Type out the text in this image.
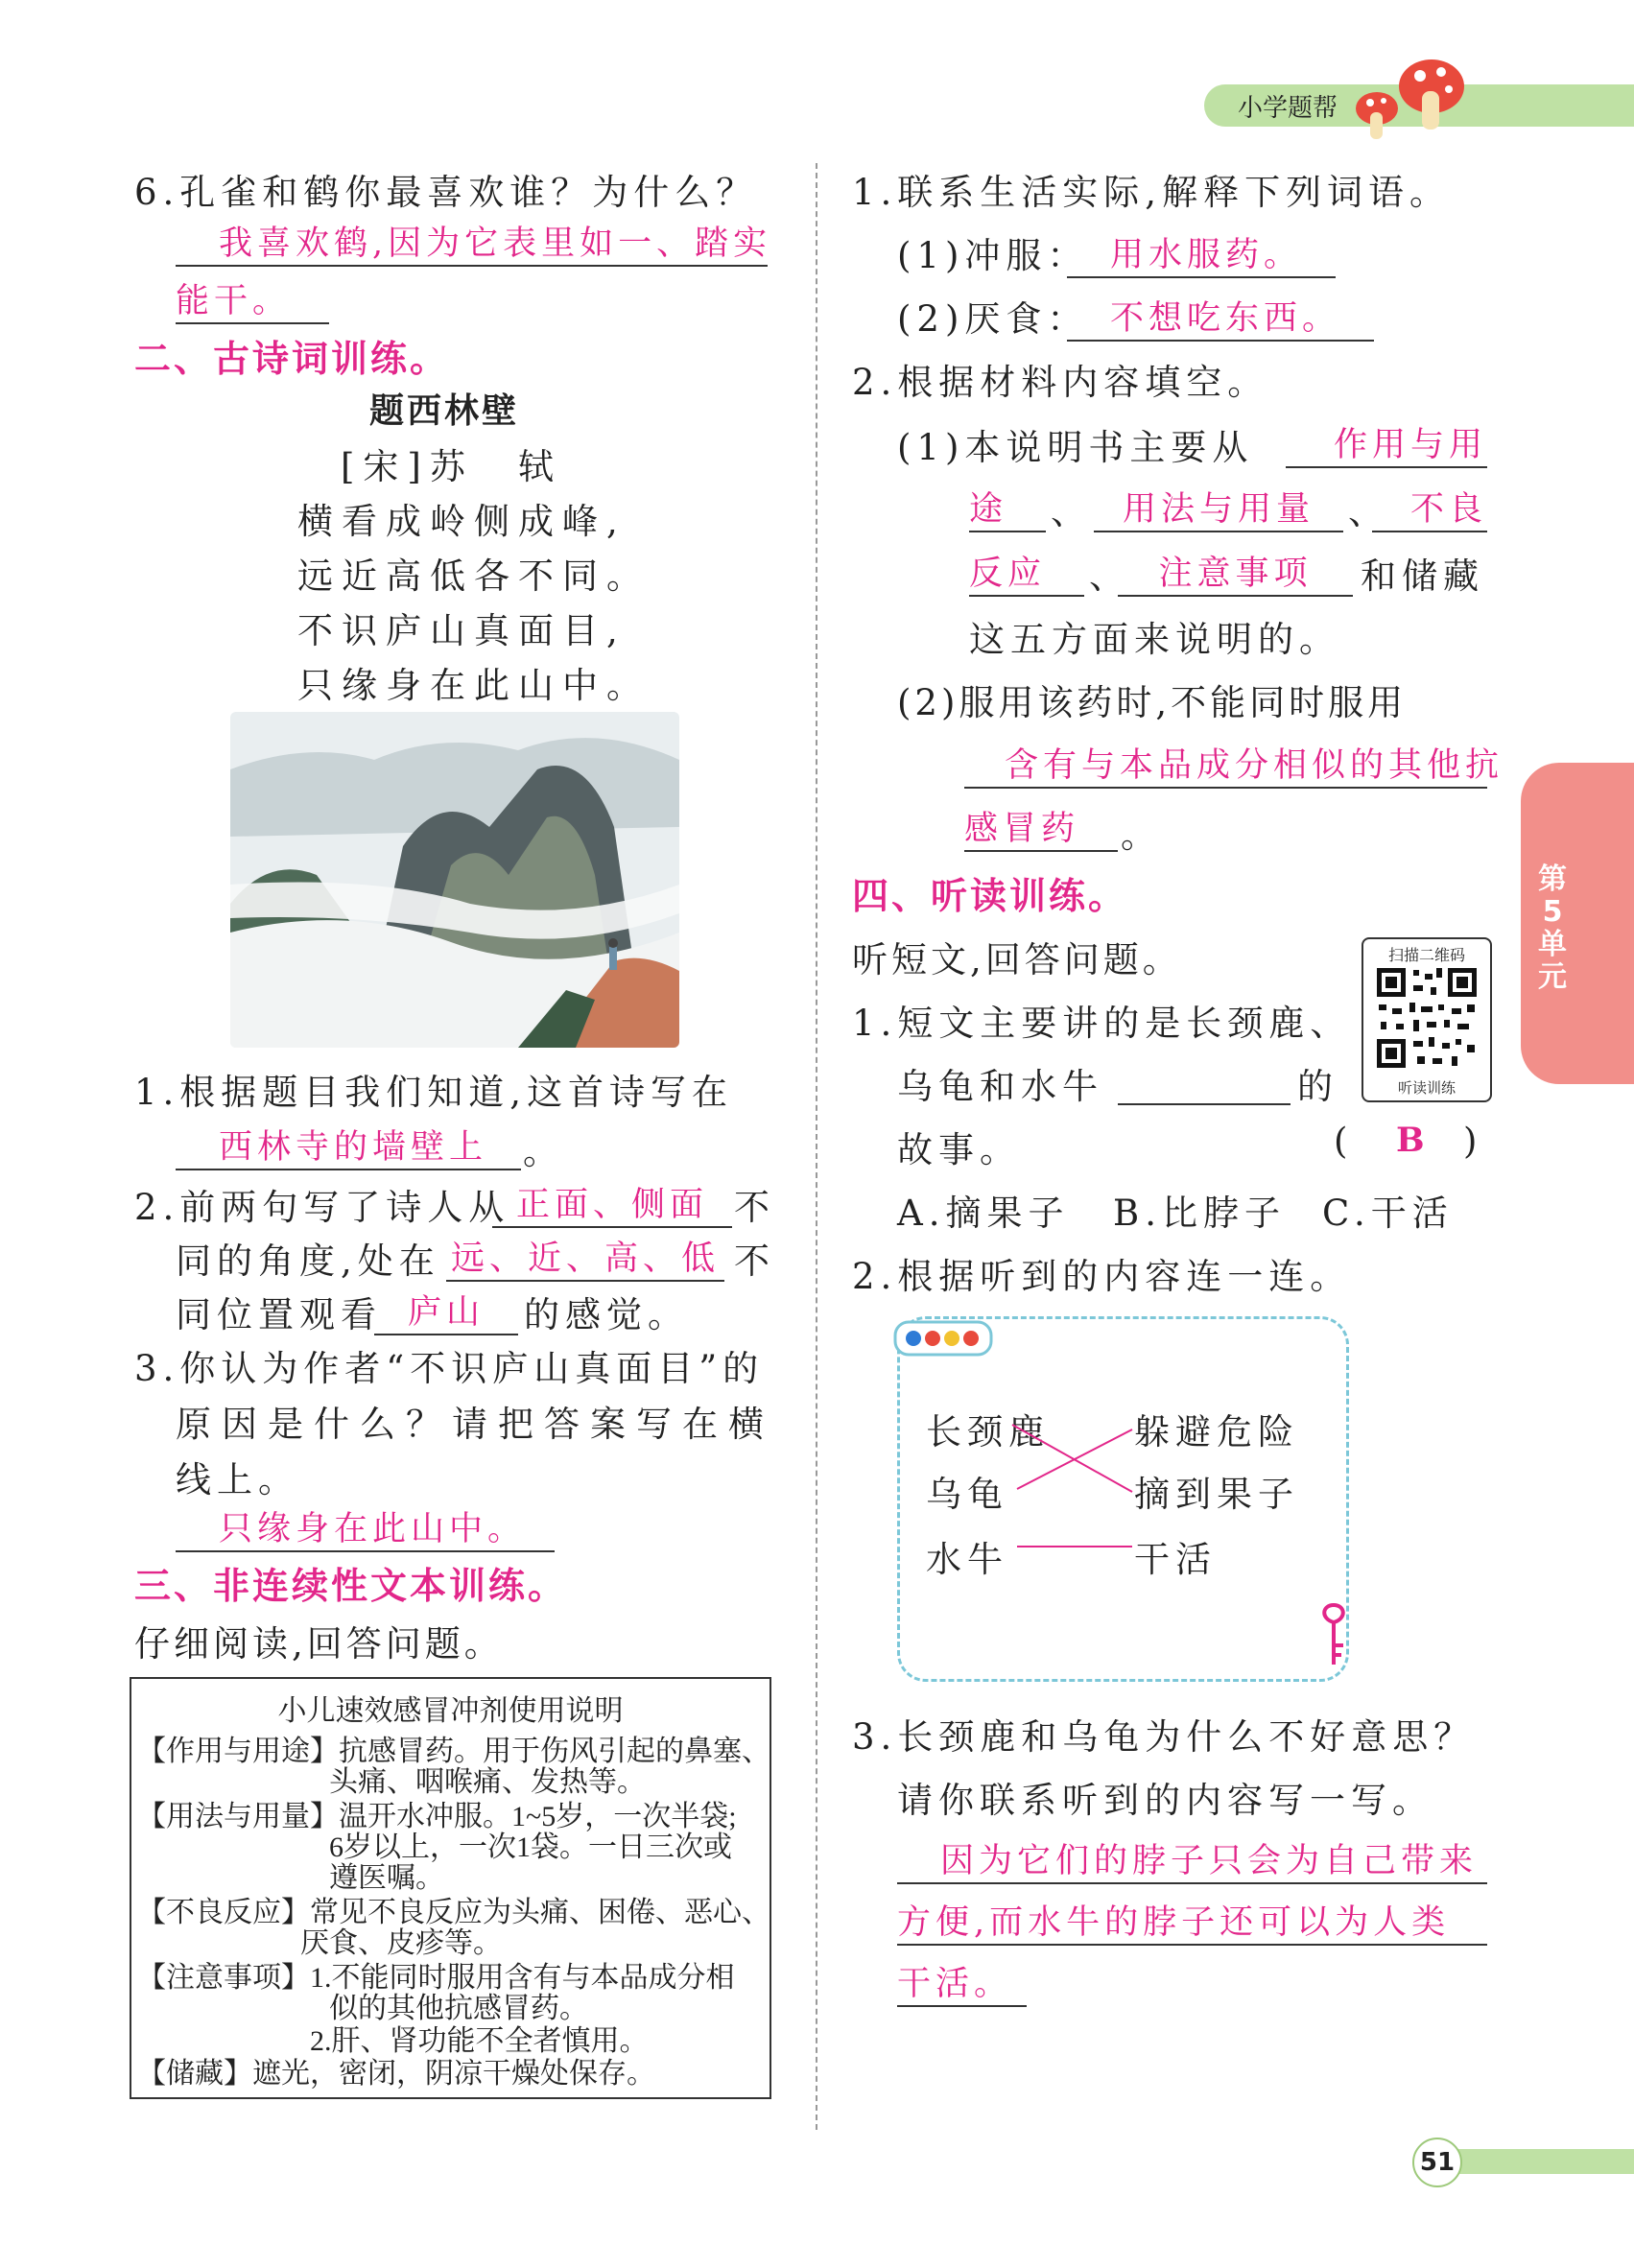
小学题帮
第5单元
6.孔雀和鹤你最喜欢谁？为什么？
我喜欢鹤,因为它表里如一、踏实
能干。
二、古诗词训练。
题西林壁
[宋]苏　轼
横看成岭侧成峰,
远近高低各不同。
不识庐山真面目,
只缘身在此山中。
1.根据题目我们知道,这首诗写在
西林寺的墙壁上 。
2.前两句写了诗人从 正面、侧面 不
同的角度,处在 远、近、高、低 不
同位置观看 庐山	的感觉。
3.你认为作者“不识庐山真面目”的
原因是什么？请把答案写在横
线上。
只缘身在此山中。
三、非连续性文本训练。
仔细阅读,回答问题。
小儿速效感冒冲剂使用说明
【作用与用途】抗感冒药。用于伤风引起的鼻塞、
头痛、咽喉痛、发热等。
【用法与用量】温开水冲服。1~5岁，一次半袋;
6岁以上，一次1袋。一日三次或
遵医嘱。
【不良反应】常见不良反应为头痛、困倦、恶心、
厌食、皮疹等。
【注意事项】1.不能同时服用含有与本品成分相
似的其他抗感冒药。
2.肝、肾功能不全者慎用。
【储藏】遮光，密闭，阴凉干燥处保存。
1.联系生活实际,解释下列词语。
(1)冲服： 用水服药。
(2)厌食： 不想吃东西。
2.根据材料内容填空。
(1)本说明书主要从	作用与用
途	、 用法与用量 、 不良
反应	、 注意事项	和储藏
这五方面来说明的。
(2)服用该药时,不能同时服用
含有与本品成分相似的其他抗
感冒药	。
四、听读训练。
听短文,回答问题。	扫描二维码
听读训练
1.短文主要讲的是长颈鹿、
乌龟和水牛	的
故事。	( B )
A.摘果子 B.比脖子 C.干活
2.根据听到的内容连一连。
长颈鹿
乌龟
水牛
躲避危险
摘到果子
干活
3.长颈鹿和乌龟为什么不好意思？
请你联系听到的内容写一写。
因为它们的脖子只会为自己带来
方便,而水牛的脖子还可以为人类
干活。
51
